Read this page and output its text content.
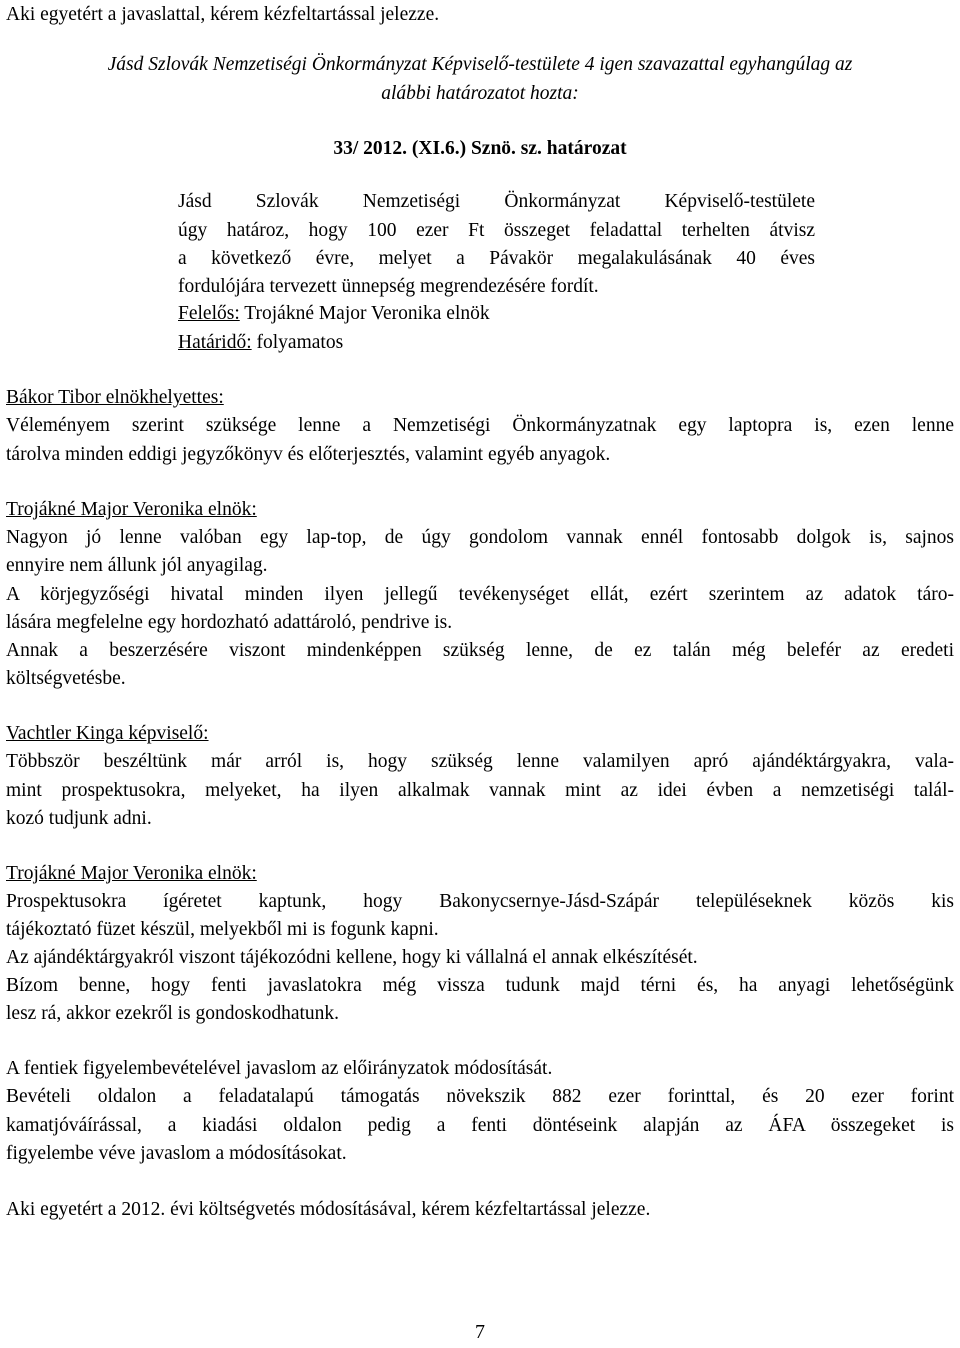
Aki egyetért a javaslattal, kérem kézfeltartással jelezze.

Jásd Szlovák Nemzetiségi Önkormányzat Képviselő-testülete 4 igen szavazattal egyhangúlag az

alábbi határozatot hozta:

33/ 2012. (XI.6.) Sznö. sz. határozat

Jásd Szlovák Nemzetiségi Önkormányzat Képviselő-testülete

úgy határoz, hogy 100 ezer Ft összeget feladattal terhelten átvisz

a következő évre, melyet a Pávakör megalakulásának 40 éves

fordulójára tervezett ünnepség megrendezésére fordít.

Felelős: Trojákné Major Veronika elnök

Határidő: folyamatos

Bákor Tibor elnökhelyettes:

Véleményem szerint szüksége lenne a Nemzetiségi Önkormányzatnak egy laptopra is, ezen lenne

tárolva minden eddigi jegyzőkönyv és előterjesztés, valamint egyéb anyagok.

Trojákné Major Veronika elnök:

Nagyon jó lenne valóban egy lap-top, de úgy gondolom vannak ennél fontosabb dolgok is, sajnos

ennyire nem állunk jól anyagilag.

A körjegyzőségi hivatal minden ilyen jellegű tevékenységet ellát, ezért szerintem az adatok táro-

lására megfelelne egy hordozható adattároló, pendrive is.

Annak a beszerzésére viszont mindenképpen szükség lenne, de ez talán még belefér az eredeti

költségvetésbe.

Vachtler Kinga képviselő:

Többször beszéltünk már arról is, hogy szükség lenne valamilyen apró ajándéktárgyakra, vala-

mint prospektusokra, melyeket, ha ilyen alkalmak vannak mint az idei évben a nemzetiségi talál-

kozó tudjunk adni.

Trojákné Major Veronika elnök:

Prospektusokra ígéretet kaptunk, hogy Bakonycsernye-Jásd-Szápár településeknek közös kis

tájékoztató füzet készül, melyekből mi is fogunk kapni.

Az ajándéktárgyakról viszont tájékozódni kellene, hogy ki vállalná el annak elkészítését.

Bízom benne, hogy fenti javaslatokra még vissza tudunk majd térni és, ha anyagi lehetőségünk

lesz rá, akkor ezekről is gondoskodhatunk.

A fentiek figyelembevételével javaslom az előirányzatok módosítását.

Bevételi oldalon a feladatalapú támogatás növekszik 882 ezer forinttal, és 20 ezer forint

kamatjóváírással, a kiadási oldalon pedig a fenti döntéseink alapján az ÁFA összegeket is

figyelembe véve javaslom a módosításokat.

Aki egyetért a 2012. évi költségvetés módosításával, kérem kézfeltartással jelezze.

7
